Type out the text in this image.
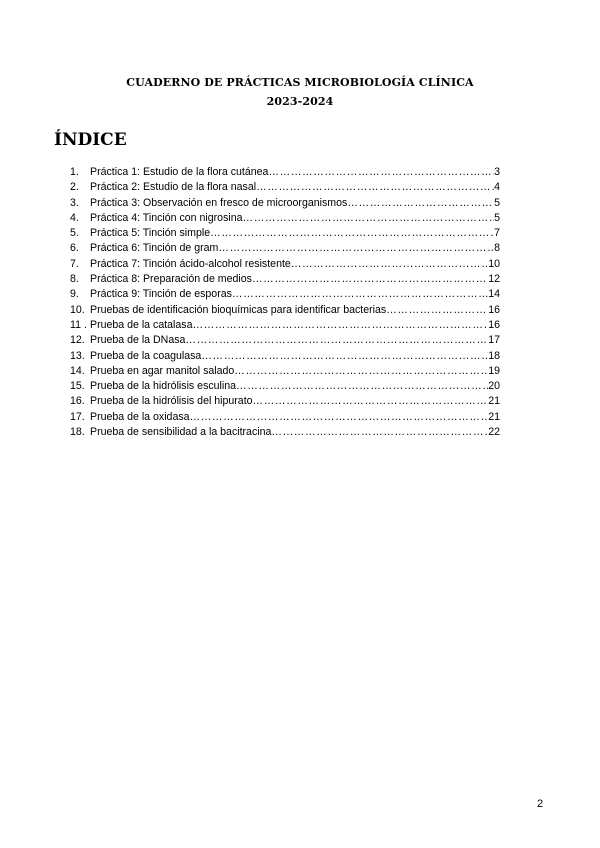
CUADERNO DE PRÁCTICAS MICROBIOLOGÍA CLÍNICA
2023-2024
ÍNDICE
1.	Práctica 1: Estudio de la flora cutánea ………………………………………………………………………………………………………………………………	3
2.	Práctica 2: Estudio de la flora nasal ………………………………………………………………………………………………………………………………	4
3.	Práctica 3: Observación en fresco de microorganismos ………………………………………………………………………………………………………………………………	5
4.	Práctica 4: Tinción con nigrosina ………………………………………………………………………………………………………………………………	5
5.	Práctica 5: Tinción simple ………………………………………………………………………………………………………………………………	7
6.	Práctica 6: Tinción de gram ………………………………………………………………………………………………………………………………	8
7.	Práctica 7: Tinción ácido-alcohol resistente ………………………………………………………………………………………………………………………………	10
8.	Práctica 8: Preparación de medios ………………………………………………………………………………………………………………………………	12
9.	Práctica 9: Tinción de esporas ………………………………………………………………………………………………………………………………	14
10. Pruebas de identificación bioquímicas para identificar bacterias ………………………………………………………………………………………………………………………………	16
11 . Prueba de la catalasa ………………………………………………………………………………………………………………………………	16
12. Prueba de la DNasa ………………………………………………………………………………………………………………………………	17
13. Prueba de la coagulasa ………………………………………………………………………………………………………………………………	18
14. Prueba en agar manitol salado ………………………………………………………………………………………………………………………………	19
15. Prueba de la hidrólisis esculina ………………………………………………………………………………………………………………………………	20
16. Prueba de la hidrólisis del hipurato ………………………………………………………………………………………………………………………………	21
17. Prueba de la oxidasa ………………………………………………………………………………………………………………………………	21
18. Prueba de sensibilidad a la bacitracina ………………………………………………………………………………………………………………………………	22
2
